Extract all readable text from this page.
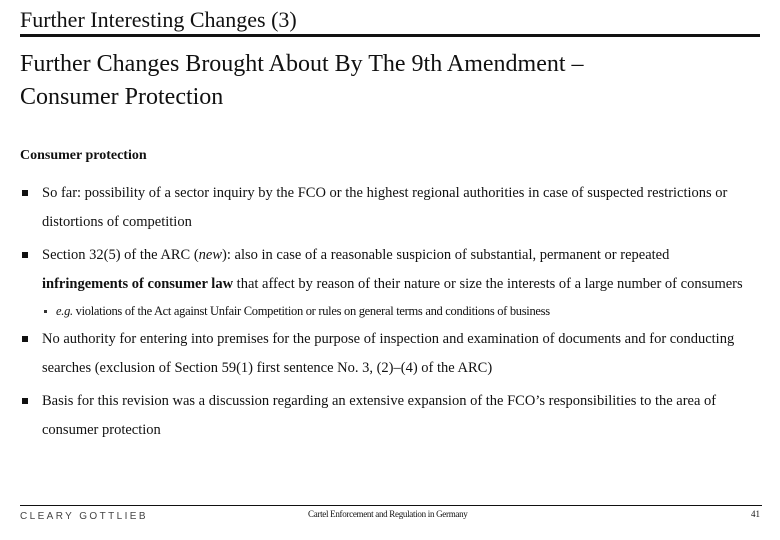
Further Interesting Changes (3)
Further Changes Brought About By The 9th Amendment –
Consumer Protection

Consumer protection

So far: possibility of a sector inquiry by the FCO or the highest regional authorities in case of suspected restrictions or distortions of competition
Section 32(5) of the ARC (new): also in case of a reasonable suspicion of substantial, permanent or repeated infringements of consumer law that affect by reason of their nature or size the interests of a large number of consumers
e.g. violations of the Act against Unfair Competition or rules on general terms and conditions of business
No authority for entering into premises for the purpose of inspection and examination of documents and for conducting searches (exclusion of Section 59(1) first sentence No. 3, (2)–(4) of the ARC)
Basis for this revision was a discussion regarding an extensive expansion of the FCO’s responsibilities to the area of consumer protection
CLEARY GOTTLIEB	Cartel Enforcement and Regulation in Germany	41
